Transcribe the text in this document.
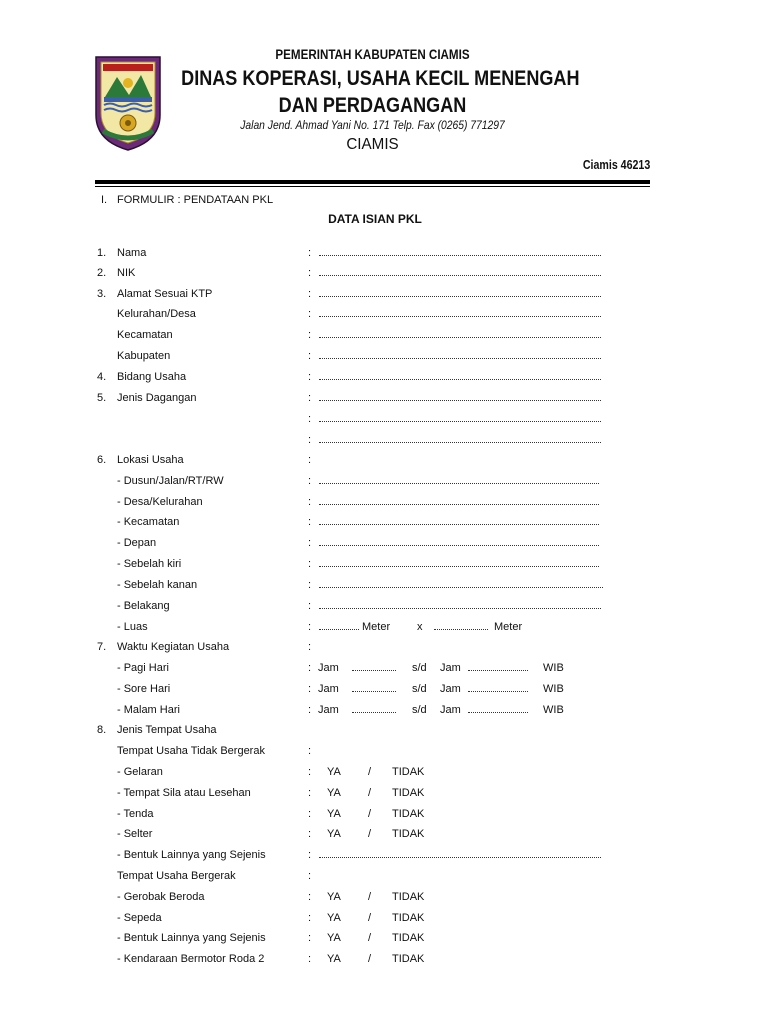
PEMERINTAH KABUPATEN CIAMIS
DINAS KOPERASI, USAHA KECIL MENENGAH
DAN PERDAGANGAN
Jalan Jend. Ahmad Yani No. 171 Telp. Fax (0265) 771297
CIAMIS
Ciamis 46213
I. FORMULIR : PENDATAAN PKL
DATA ISIAN PKL
1. Nama	:
2. NIK	:
3. Alamat Sesuai KTP	:
Kelurahan/Desa	:
Kecamatan	:
Kabupaten	:
4. Bidang Usaha	:
5. Jenis Dagangan	:
:
:
6. Lokasi Usaha	:
- Dusun/Jalan/RT/RW	:
- Desa/Kelurahan	:
- Kecamatan	:
- Depan	:
- Sebelah kiri	:
- Sebelah kanan	:
- Belakang	:
- Luas	:	Meter x	Meter
7. Waktu Kegiatan Usaha	:
- Pagi Hari	: Jam	s/d Jam	WIB
- Sore Hari	: Jam	s/d Jam	WIB
- Malam Hari	: Jam	s/d Jam	WIB
8. Jenis Tempat Usaha
Tempat Usaha Tidak Bergerak	:
- Gelaran	: YA / TIDAK
- Tempat Sila atau Lesehan	: YA / TIDAK
- Tenda	: YA / TIDAK
- Selter	: YA / TIDAK
- Bentuk Lainnya yang Sejenis	:
Tempat Usaha Bergerak	:
- Gerobak Beroda	: YA / TIDAK
- Sepeda	: YA / TIDAK
- Bentuk Lainnya yang Sejenis	: YA / TIDAK
- Kendaraan Bermotor Roda 2	: YA / TIDAK
